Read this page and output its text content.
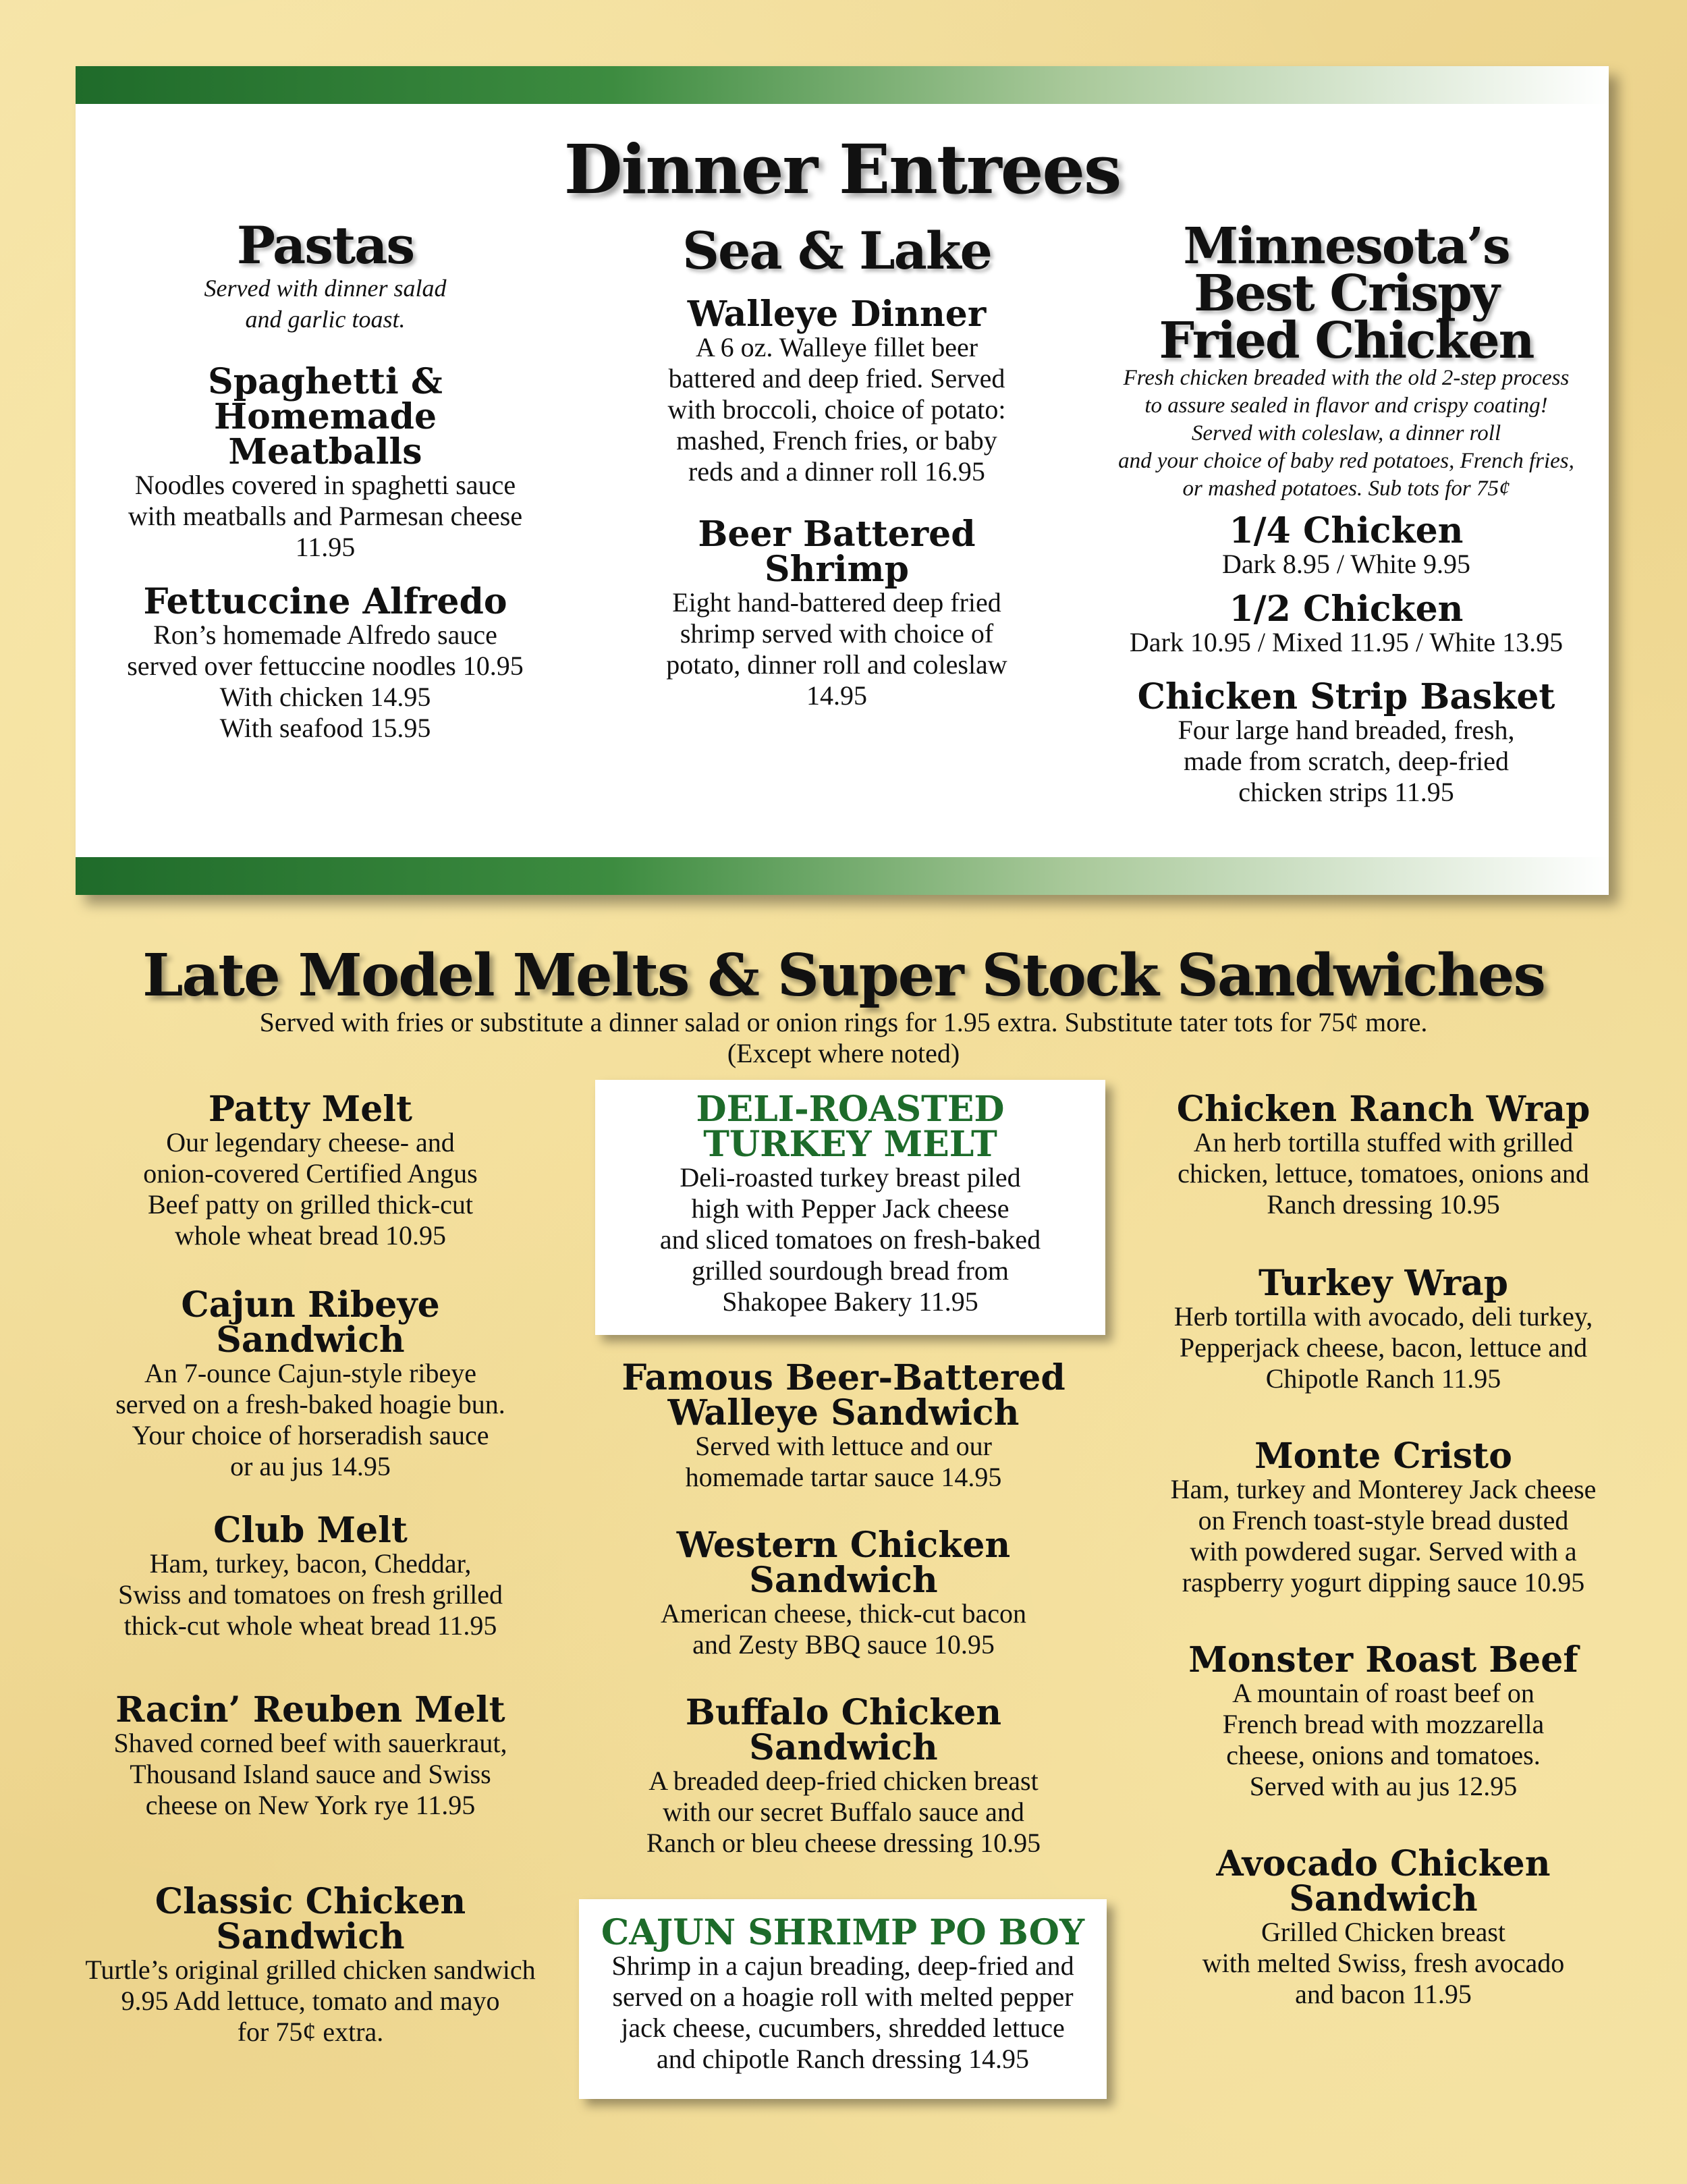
Dinner Entrees
Pastas
Served with dinner salad
and garlic toast.
Spaghetti &
Homemade
Meatballs
Noodles covered in spaghetti sauce
with meatballs and Parmesan cheese
11.95
Fettuccine Alfredo
Ron’s homemade Alfredo sauce
served over fettuccine noodles 10.95
With chicken 14.95
With seafood 15.95
Sea & Lake
Walleye Dinner
A 6 oz. Walleye fillet beer
battered and deep fried. Served
with broccoli, choice of potato:
mashed, French fries, or baby
reds and a dinner roll 16.95
Beer Battered
Shrimp
Eight hand-battered deep fried
shrimp served with choice of
potato, dinner roll and coleslaw
14.95
Minnesota’s
Best Crispy
Fried Chicken
Fresh chicken breaded with the old 2-step process
to assure sealed in flavor and crispy coating!
Served with coleslaw, a dinner roll
and your choice of baby red potatoes, French fries,
or mashed potatoes. Sub tots for 75¢
1/4 Chicken
Dark 8.95 / White 9.95
1/2 Chicken
Dark 10.95 / Mixed 11.95 / White 13.95
Chicken Strip Basket
Four large hand breaded, fresh,
made from scratch, deep-fried
chicken strips 11.95
Late Model Melts & Super Stock Sandwiches
Served with fries or substitute a dinner salad or onion rings for 1.95 extra. Substitute tater tots for 75¢ more.
(Except where noted)
Patty Melt
Our legendary cheese- and
onion-covered Certified Angus
Beef patty on grilled thick-cut
whole wheat bread 10.95
Cajun Ribeye
Sandwich
An 7-ounce Cajun-style ribeye
served on a fresh-baked hoagie bun.
Your choice of horseradish sauce
or au jus 14.95
Club Melt
Ham, turkey, bacon, Cheddar,
Swiss and tomatoes on fresh grilled
thick-cut whole wheat bread 11.95
Racin’ Reuben Melt
Shaved corned beef with sauerkraut,
Thousand Island sauce and Swiss
cheese on New York rye 11.95
Classic Chicken
Sandwich
Turtle’s original grilled chicken sandwich
9.95 Add lettuce, tomato and mayo
for 75¢ extra.
DELI-ROASTED
TURKEY MELT
Deli-roasted turkey breast piled
high with Pepper Jack cheese
and sliced tomatoes on fresh-baked
grilled sourdough bread from
Shakopee Bakery 11.95
Famous Beer-Battered
Walleye Sandwich
Served with lettuce and our
homemade tartar sauce 14.95
Western Chicken
Sandwich
American cheese, thick-cut bacon
and Zesty BBQ sauce 10.95
Buffalo Chicken
Sandwich
A breaded deep-fried chicken breast
with our secret Buffalo sauce and
Ranch or bleu cheese dressing 10.95
CAJUN SHRIMP PO BOY
Shrimp in a cajun breading, deep-fried and
served on a hoagie roll with melted pepper
jack cheese, cucumbers, shredded lettuce
and chipotle Ranch dressing 14.95
Chicken Ranch Wrap
An herb tortilla stuffed with grilled
chicken, lettuce, tomatoes, onions and
Ranch dressing 10.95
Turkey Wrap
Herb tortilla with avocado, deli turkey,
Pepperjack cheese, bacon, lettuce and
Chipotle Ranch 11.95
Monte Cristo
Ham, turkey and Monterey Jack cheese
on French toast-style bread dusted
with powdered sugar. Served with a
raspberry yogurt dipping sauce 10.95
Monster Roast Beef
A mountain of roast beef on
French bread with mozzarella
cheese, onions and tomatoes.
Served with au jus 12.95
Avocado Chicken
Sandwich
Grilled Chicken breast
with melted Swiss, fresh avocado
and bacon 11.95
